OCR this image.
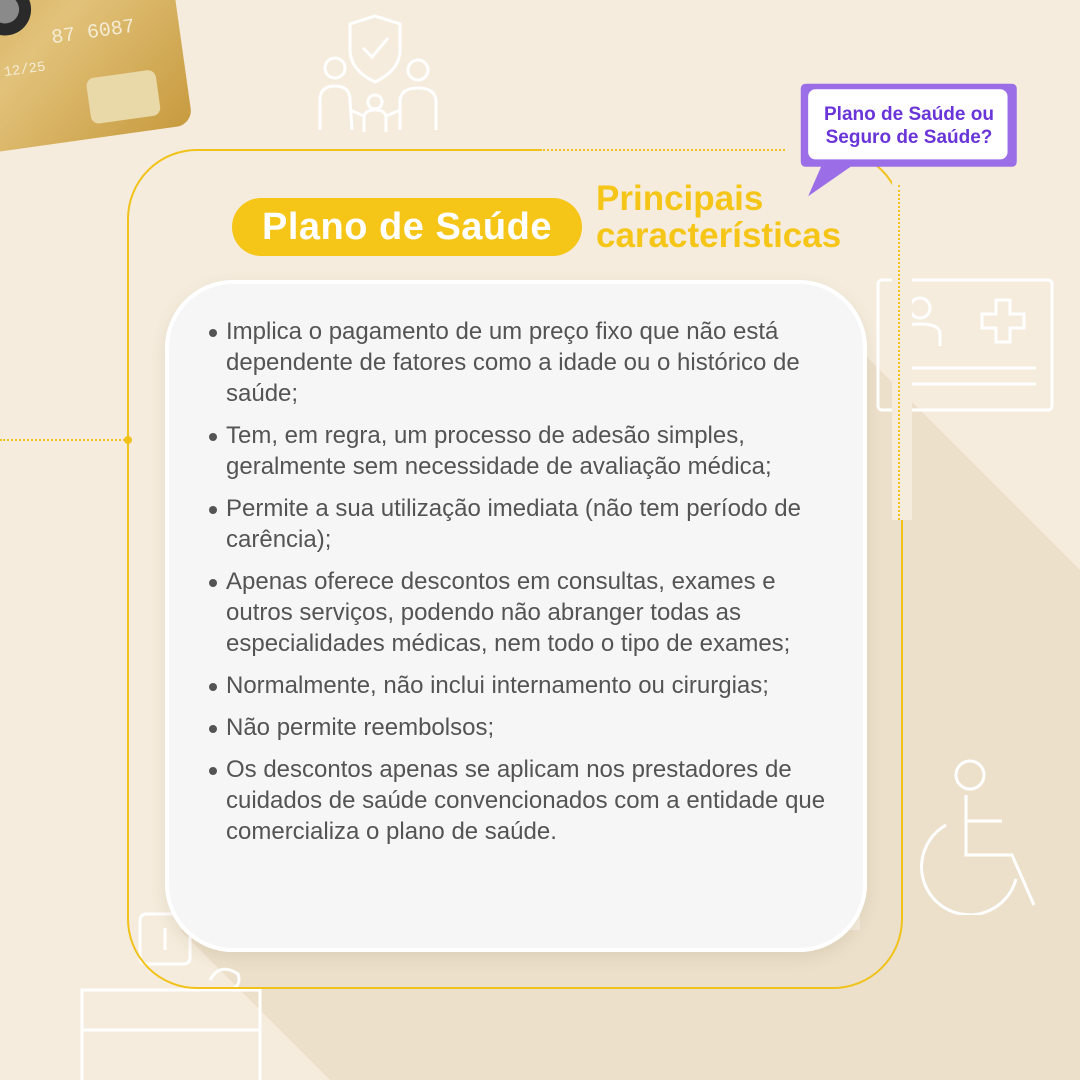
87 6087
12/25
Plano de Saúde ou
Seguro de Saúde?
Plano de Saúde
Principais
características
Implica o pagamento de um preço fixo que não está dependente de fatores como a idade ou o histórico de saúde;
Tem, em regra, um processo de adesão simples, geralmente sem necessidade de avaliação médica;
Permite a sua utilização imediata (não tem período de carência);
Apenas oferece descontos em consultas, exames e outros serviços, podendo não abranger todas as especialidades médicas, nem todo o tipo de exames;
Normalmente, não inclui internamento ou cirurgias;
Não permite reembolsos;
Os descontos apenas se aplicam nos prestadores de cuidados de saúde convencionados com a entidade que comercializa o plano de saúde.
